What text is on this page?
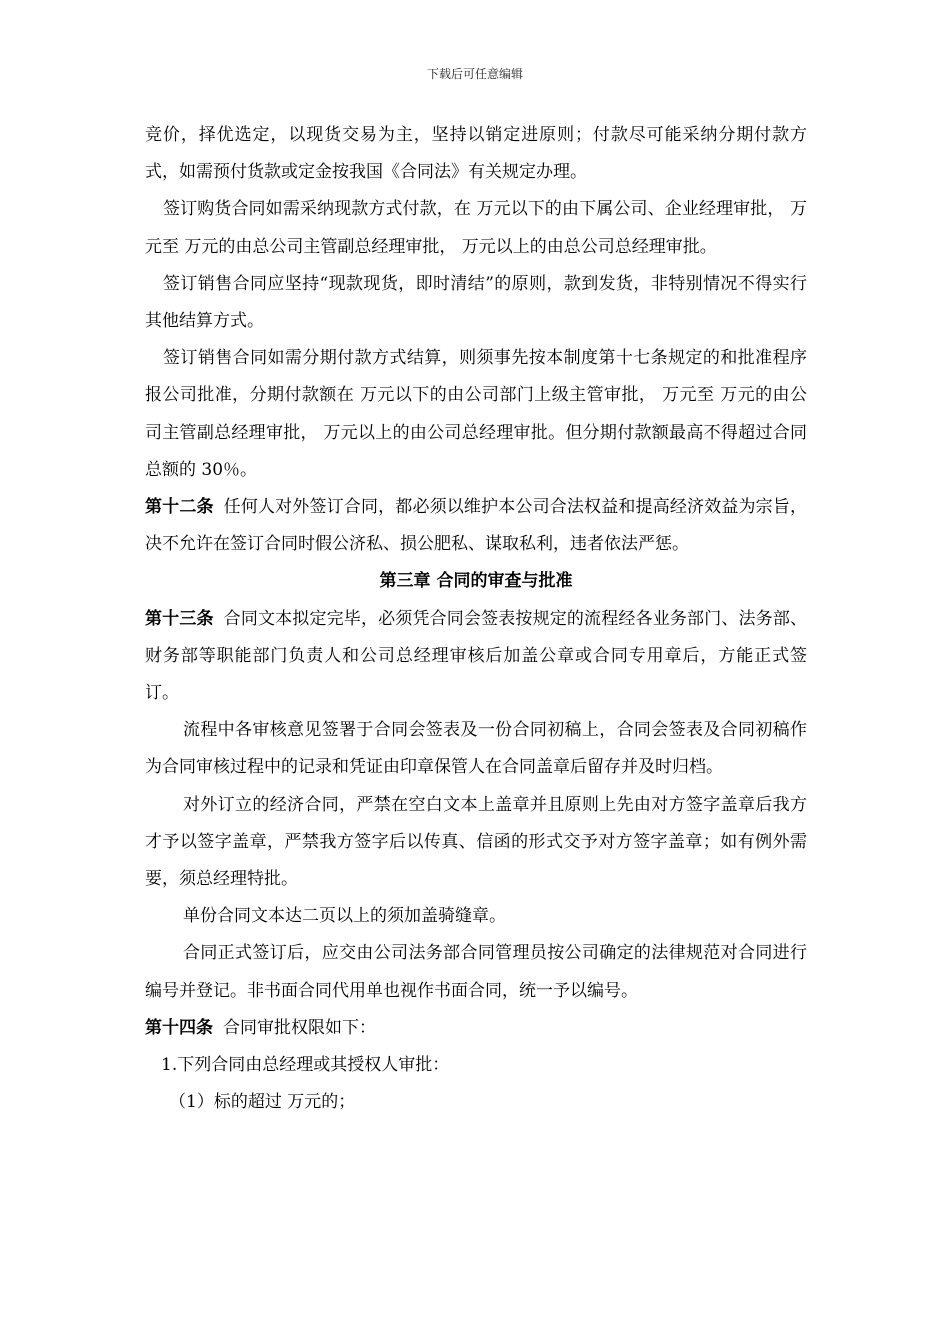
下载后可任意编辑

竞价，择优选定，以现货交易为主，坚持以销定进原则；付款尽可能采纳分期付款方式，如需预付货款或定金按我国《合同法》有关规定办理。

签订购货合同如需采纳现款方式付款，在 万元以下的由下属公司、企业经理审批， 万元至 万元的由总公司主管副总经理审批， 万元以上的由总公司总经理审批。

签订销售合同应坚持“现款现货，即时清结”的原则，款到发货，非特别情况不得实行其他结算方式。

签订销售合同如需分期付款方式结算，则须事先按本制度第十七条规定的和批准程序报公司批准，分期付款额在 万元以下的由公司部门上级主管审批， 万元至 万元的由公司主管副总经理审批， 万元以上的由公司总经理审批。但分期付款额最高不得超过合同总额的 30％。

第十二条 任何人对外签订合同，都必须以维护本公司合法权益和提高经济效益为宗旨，决不允许在签订合同时假公济私、损公肥私、谋取私利，违者依法严惩。

第三章 合同的审查与批准

第十三条 合同文本拟定完毕，必须凭合同会签表按规定的流程经各业务部门、法务部、财务部等职能部门负责人和公司总经理审核后加盖公章或合同专用章后，方能正式签订。

流程中各审核意见签署于合同会签表及一份合同初稿上，合同会签表及合同初稿作为合同审核过程中的记录和凭证由印章保管人在合同盖章后留存并及时归档。

对外订立的经济合同，严禁在空白文本上盖章并且原则上先由对方签字盖章后我方才予以签字盖章，严禁我方签字后以传真、信函的形式交予对方签字盖章；如有例外需要，须总经理特批。

单份合同文本达二页以上的须加盖骑缝章。

合同正式签订后，应交由公司法务部合同管理员按公司确定的法律规范对合同进行编号并登记。非书面合同代用单也视作书面合同，统一予以编号。

第十四条 合同审批权限如下：

1.下列合同由总经理或其授权人审批：

（1）标的超过 万元的；
